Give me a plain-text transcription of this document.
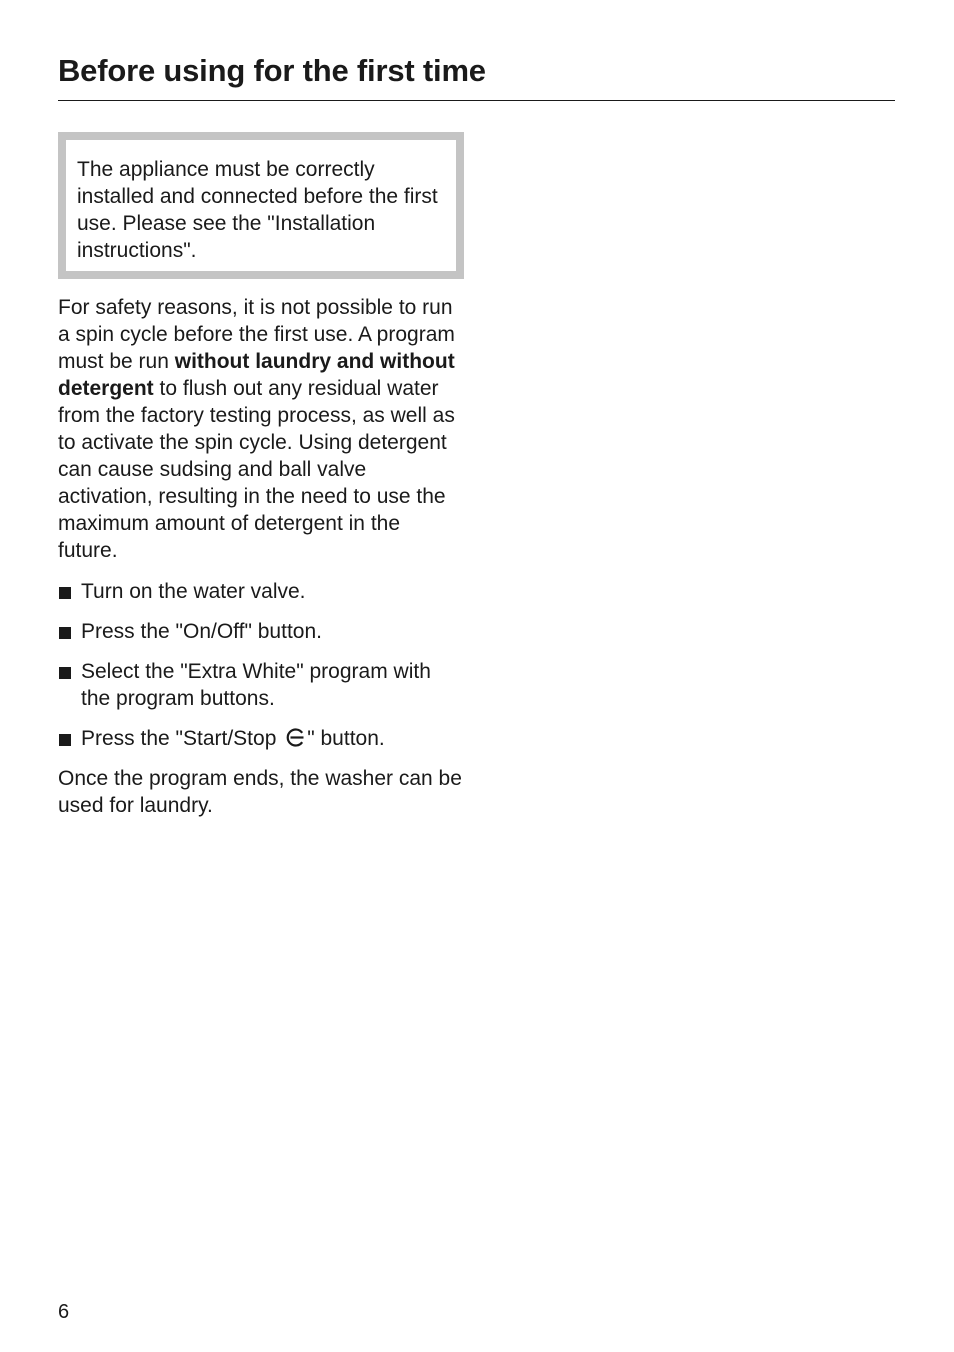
Before using for the first time

The appliance must be correctly installed and connected before the first use. Please see the "Installation instructions".

For safety reasons, it is not possible to run a spin cycle before the first use. A program must be run without laundry and without detergent to flush out any residual water from the factory testing process, as well as to activate the spin cycle. Using detergent can cause sudsing and ball valve activation, resulting in the need to use the maximum amount of detergent in the future.

Turn on the water valve.
Press the "On/Off" button.
Select the "Extra White" program with the program buttons.
Press the "Start/Stop " button.

Once the program ends, the washer can be used for laundry.

6
